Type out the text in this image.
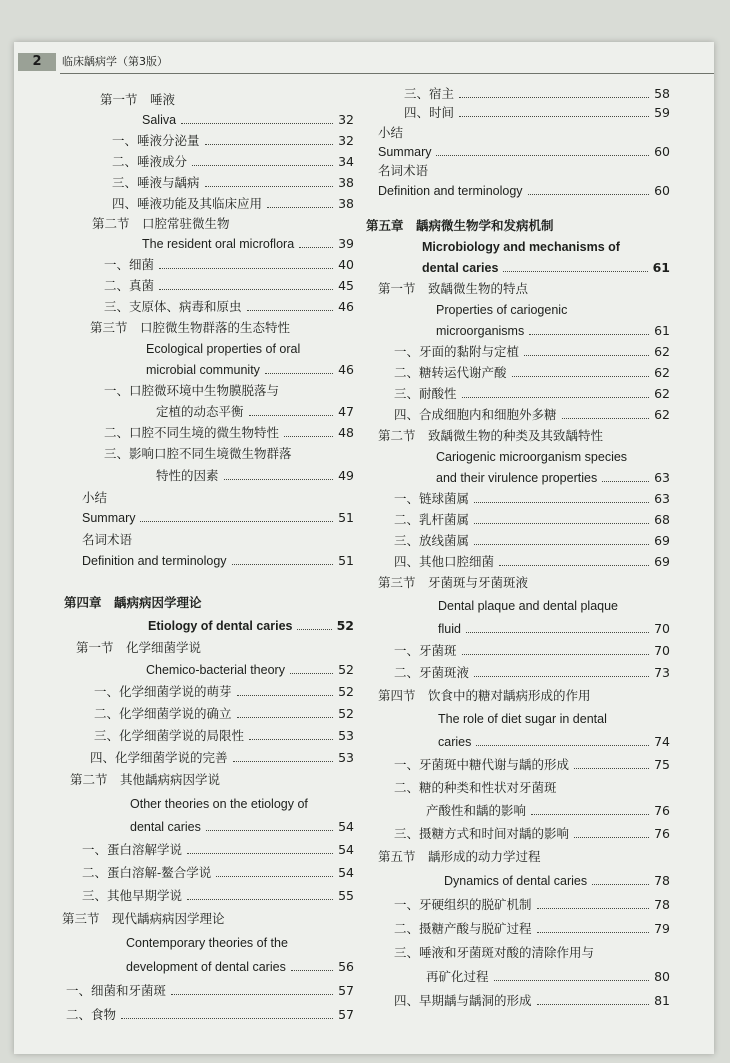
2	临床龋病学（第3版）
第一节　唾液
Saliva	32
一、唾液分泌量	32
二、唾液成分	34
三、唾液与龋病	38
四、唾液功能及其临床应用	38
第二节　口腔常驻微生物
The resident oral microflora	39
一、细菌	40
二、真菌	45
三、支原体、病毒和原虫	46
第三节　口腔微生物群落的生态特性
Ecological properties of oral
microbial community	46
一、口腔微环境中生物膜脱落与
定植的动态平衡	47
二、口腔不同生境的微生物特性	48
三、影响口腔不同生境微生物群落
特性的因素	49
小结
Summary	51
名词术语
Definition and terminology	51
第四章　龋病病因学理论
Etiology of dental caries	52
第一节　化学细菌学说
Chemico-bacterial theory	52
一、化学细菌学说的萌芽	52
二、化学细菌学说的确立	52
三、化学细菌学说的局限性	53
四、化学细菌学说的完善	53
第二节　其他龋病病因学说
Other theories on the etiology of
dental caries	54
一、蛋白溶解学说	54
二、蛋白溶解-鳌合学说	54
三、其他早期学说	55
第三节　现代龋病病因学理论
Contemporary theories of the
development of dental caries	56
一、细菌和牙菌斑	57
二、食物	57
三、宿主	58
四、时间	59
小结
Summary	60
名词术语
Definition and terminology	60
第五章　龋病微生物学和发病机制
Microbiology and mechanisms of
dental caries	61
第一节　致龋微生物的特点
Properties of cariogenic
microorganisms	61
一、牙面的黏附与定植	62
二、糖转运代谢产酸	62
三、耐酸性	62
四、合成细胞内和细胞外多糖	62
第二节　致龋微生物的种类及其致龋特性
Cariogenic microorganism species
and their virulence properties	63
一、链球菌属	63
二、乳杆菌属	68
三、放线菌属	69
四、其他口腔细菌	69
第三节　牙菌斑与牙菌斑液
Dental plaque and dental plaque
fluid	70
一、牙菌斑	70
二、牙菌斑液	73
第四节　饮食中的糖对龋病形成的作用
The role of diet sugar in dental
caries	74
一、牙菌斑中糖代谢与龋的形成	75
二、糖的种类和性状对牙菌斑
产酸性和龋的影响	76
三、摄糖方式和时间对龋的影响	76
第五节　龋形成的动力学过程
Dynamics of dental caries	78
一、牙硬组织的脱矿机制	78
二、摄糖产酸与脱矿过程	79
三、唾液和牙菌斑对酸的清除作用与
再矿化过程	80
四、早期龋与龋洞的形成	81
